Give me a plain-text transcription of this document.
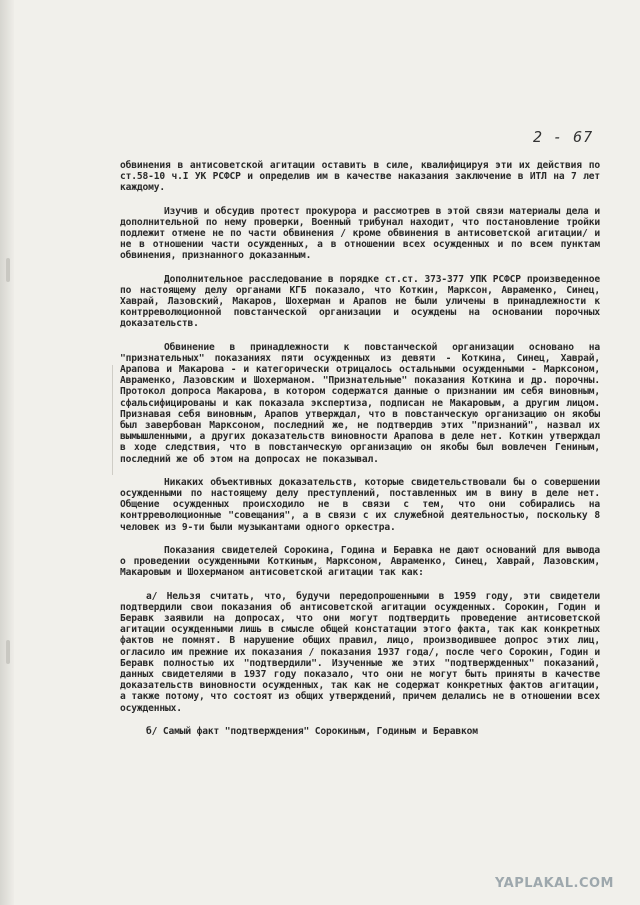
2 - 67

обвинения в антисоветской агитации оставить в силе, квалифицируя эти их действия по ст.58-10 ч.I УК РСФСР и определив им в качестве наказания заключение в ИТЛ на 7 лет каждому.

Изучив и обсудив протест прокурора и рассмотрев в этой связи материалы дела и дополнительной по нему проверки, Военный трибунал находит, что постановление тройки подлежит отмене не по части обвинения / кроме обвинения в антисоветской агитации/ и не в отношении части осужденных, а в отношении всех осужденных и по всем пунктам обвинения, признанного доказанным.

Дополнительное расследование в порядке ст.ст. 373-377 УПК РСФСР произведенное по настоящему делу органами КГБ показало, что Коткин, Марксон, Авраменко, Синец, Хаврай, Лазовский, Макаров, Шохерман и Арапов не были уличены в принадлежности к контрреволюционной повстанческой организации и осуждены на основании порочных доказательств.

Обвинение в принадлежности к повстанческой организации основано на "признательных" показаниях пяти осужденных из девяти - Коткина, Синец, Хаврай, Арапова и Макарова - и категорически отрицалось остальными осужденными - Марксоном, Авраменко, Лазовским и Шохерманом. "Признательные" показания Коткина и др. порочны. Протокол допроса Макарова, в котором содержатся данные о признании им себя виновным, сфальсифицированы и как показала экспертиза, подписан не Макаровым, а другим лицом. Признавая себя виновным, Арапов утверждал, что в повстанческую организацию он якобы был завербован Марксоном, последний же, не подтвердив этих "признаний", назвал их вымышленными, а других доказательств виновности Арапова в деле нет. Коткин утверждал в ходе следствия, что в повстанческую организацию он якобы был вовлечен Гениным, последний же об этом на допросах не показывал.

Никаких объективных доказательств, которые свидетельствовали бы о совершении осужденными по настоящему делу преступлений, поставленных им в вину в деле нет. Общение осужденных происходило не в связи с тем, что они собирались на контрреволюционные "совещания", а в связи с их служебной деятельностью, поскольку 8 человек из 9-ти были музыкантами одного оркестра.

Показания свидетелей Сорокина, Година и Беравка не дают оснований для вывода о проведении осужденными Коткиным, Марксоном, Авраменко, Синец, Хаврай, Лазовским, Макаровым и Шохерманом антисоветской агитации так как:

а/ Нельзя считать, что, будучи передопрошенными в 1959 году, эти свидетели подтвердили свои показания об антисоветской агитации осужденных. Сорокин, Годин и Беравк заявили на допросах, что они могут подтвердить проведение антисоветской агитации осужденными лишь в смысле общей констатации этого факта, так как конкретных фактов не помнят. В нарушение общих правил, лицо, производившее допрос этих лиц, огласило им прежние их показания / показания 1937 года/, после чего Сорокин, Годин и Беравк полностью их "подтвердили". Изученные же этих "подтвержденных" показаний, данных свидетелями в 1937 году показало, что они не могут быть приняты в качестве доказательств виновности осужденных, так как не содержат конкретных фактов агитации, а также потому, что состоят из общих утверждений, причем делались не в отношении всех осужденных.

б/ Самый факт "подтверждения" Сорокиным, Годиным и Беравком

YAPLAKAL.COM
